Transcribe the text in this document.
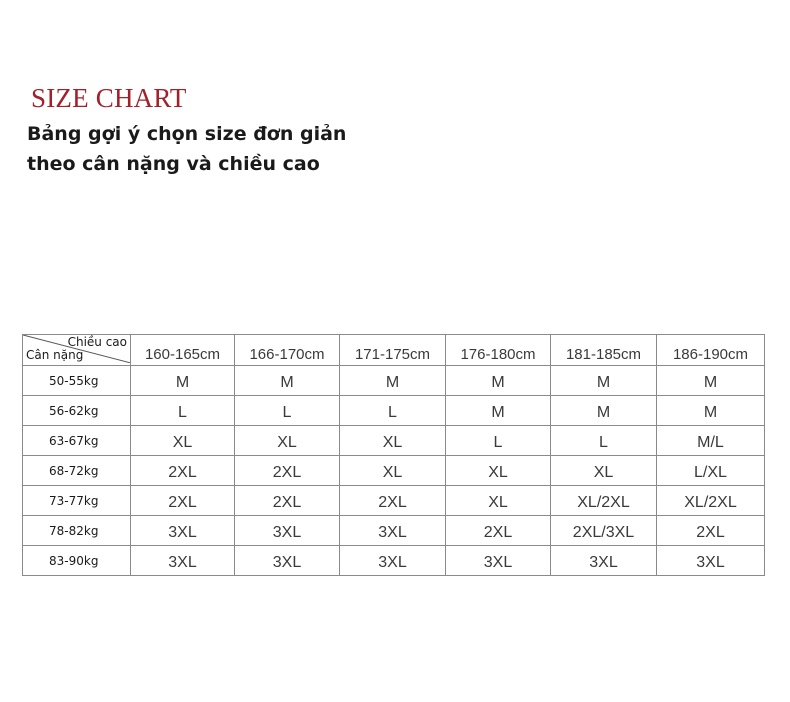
SIZE CHART
Bảng gợi ý chọn size đơn giản
theo cân nặng và chiều cao
Chiều cao
Cân nặng	160-165cm	166-170cm	171-175cm	176-180cm	181-185cm	186-190cm
50-55kg	M	M	M	M	M	M
56-62kg	L	L	L	M	M	M
63-67kg	XL	XL	XL	L	L	M/L
68-72kg	2XL	2XL	XL	XL	XL	L/XL
73-77kg	2XL	2XL	2XL	XL	XL/2XL	XL/2XL
78-82kg	3XL	3XL	3XL	2XL	2XL/3XL	2XL
83-90kg	3XL	3XL	3XL	3XL	3XL	3XL
